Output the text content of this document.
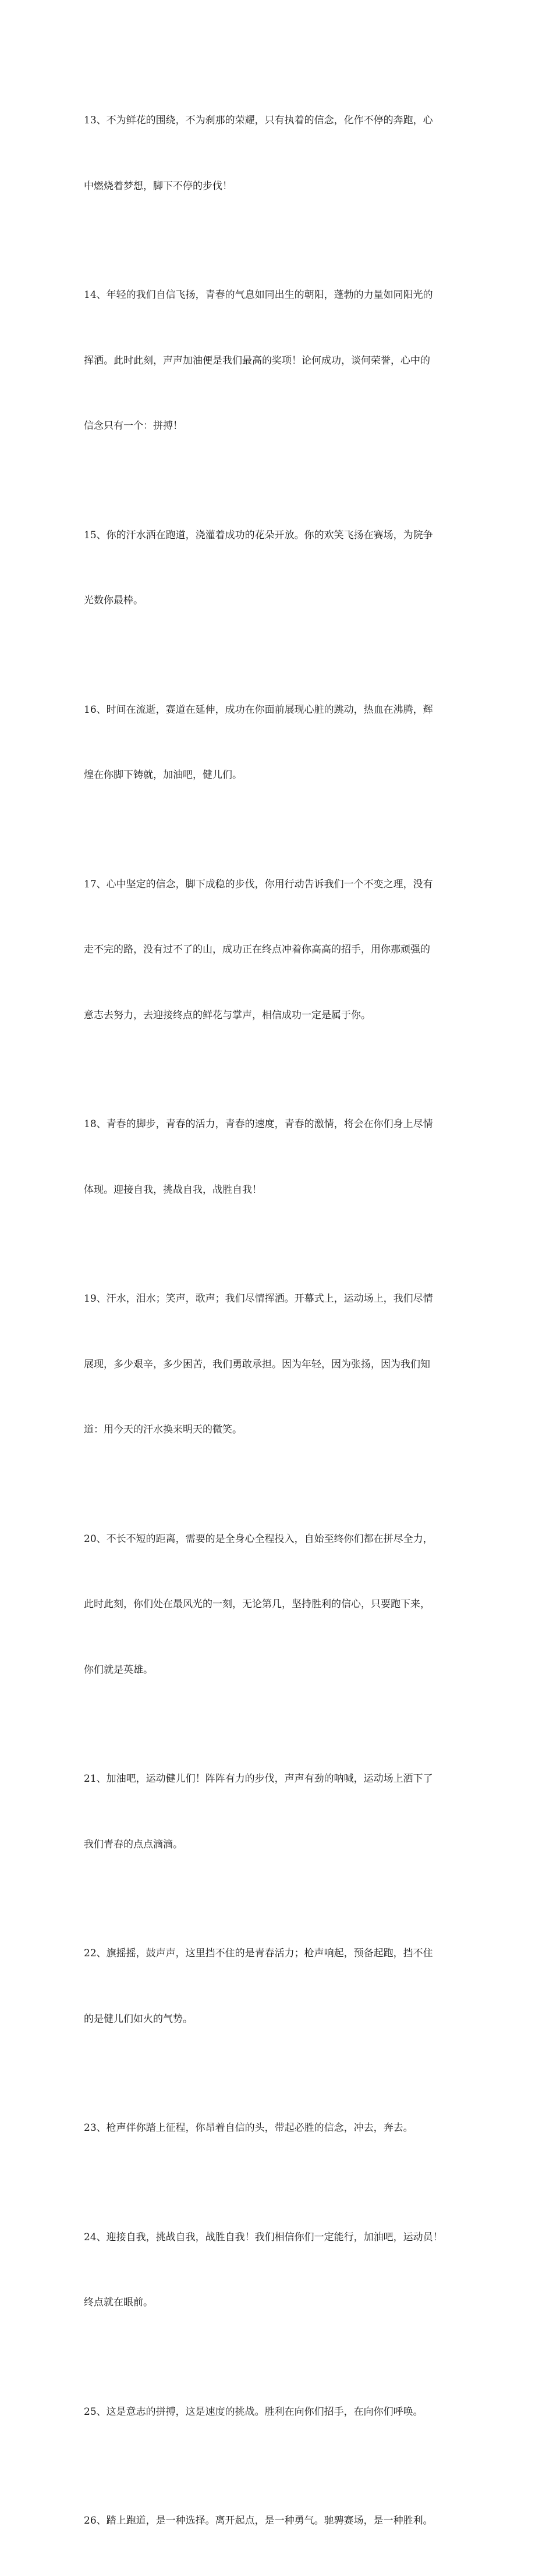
13、不为鲜花的围绕，不为刹那的荣耀，只有执着的信念，化作不停的奔跑，心

中燃烧着梦想，脚下不停的步伐！

14、年轻的我们自信飞扬，青春的气息如同出生的朝阳，蓬勃的力量如同阳光的

挥洒。此时此刻，声声加油便是我们最高的奖项！论何成功，谈何荣誉，心中的

信念只有一个：拼搏！

15、你的汗水洒在跑道，浇灌着成功的花朵开放。你的欢笑飞扬在赛场，为院争

光数你最棒。

16、时间在流逝，赛道在延伸，成功在你面前展现心脏的跳动，热血在沸腾，辉

煌在你脚下铸就，加油吧，健儿们。

17、心中坚定的信念，脚下成稳的步伐，你用行动告诉我们一个不变之理，没有

走不完的路，没有过不了的山，成功正在终点冲着你高高的招手，用你那顽强的

意志去努力，去迎接终点的鲜花与掌声，相信成功一定是属于你。

18、青春的脚步，青春的活力，青春的速度，青春的激情，将会在你们身上尽情

体现。迎接自我，挑战自我，战胜自我！

19、汗水，泪水；笑声，歌声；我们尽情挥洒。开幕式上，运动场上，我们尽情

展现，多少艰辛，多少困苦，我们勇敢承担。因为年轻，因为张扬，因为我们知

道：用今天的汗水换来明天的微笑。

20、不长不短的距离，需要的是全身心全程投入，自始至终你们都在拼尽全力，

此时此刻，你们处在最风光的一刻，无论第几，坚持胜利的信心，只要跑下来，

你们就是英雄。

21、加油吧，运动健儿们！阵阵有力的步伐，声声有劲的呐喊，运动场上洒下了

我们青春的点点滴滴。

22、旗摇摇，鼓声声，这里挡不住的是青春活力；枪声响起，预备起跑，挡不住

的是健儿们如火的气势。

23、枪声伴你踏上征程，你昂着自信的头，带起必胜的信念，冲去，奔去。

24、迎接自我，挑战自我，战胜自我！我们相信你们一定能行，加油吧，运动员！

终点就在眼前。

25、这是意志的拼搏，这是速度的挑战。胜利在向你们招手，在向你们呼唤。

26、踏上跑道，是一种选择。离开起点，是一种勇气。驰骋赛场，是一种胜利。
